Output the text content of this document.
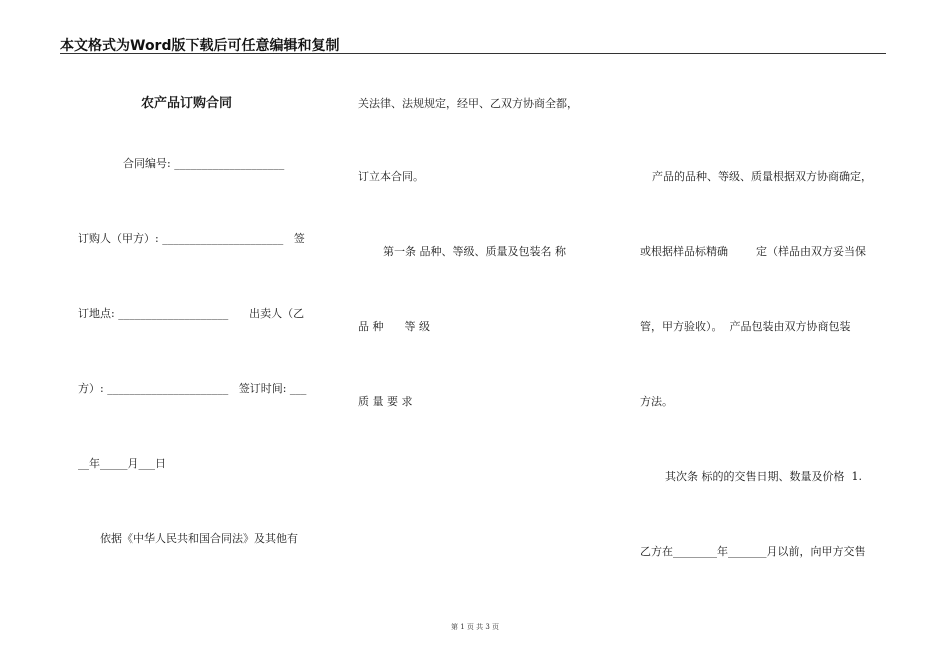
本文格式为Word版下载后可任意编辑和复制
农产品订购合同
合同编号: ____________________
订购人（甲方）: ______________________   签
订地点: ____________________      出卖人（乙
方）: ______________________   签订时间: ___
__年_____月___日
依据《中华人民共和国合同法》及其他有
关法律、法规规定，经甲、乙双方协商全都，
订立本合同。
第一条 品种、等级、质量及包装名 称
品 种      等 级
质 量 要 求
产品的品种、等级、质量根据双方协商确定，
或根据样品标精确        定（样品由双方妥当保
管，甲方验收）。  产品包装由双方协商包装
方法。
其次条 标的的交售日期、数量及价格  1.
乙方在________年_______月以前，向甲方交售
第 1 页 共 3 页
